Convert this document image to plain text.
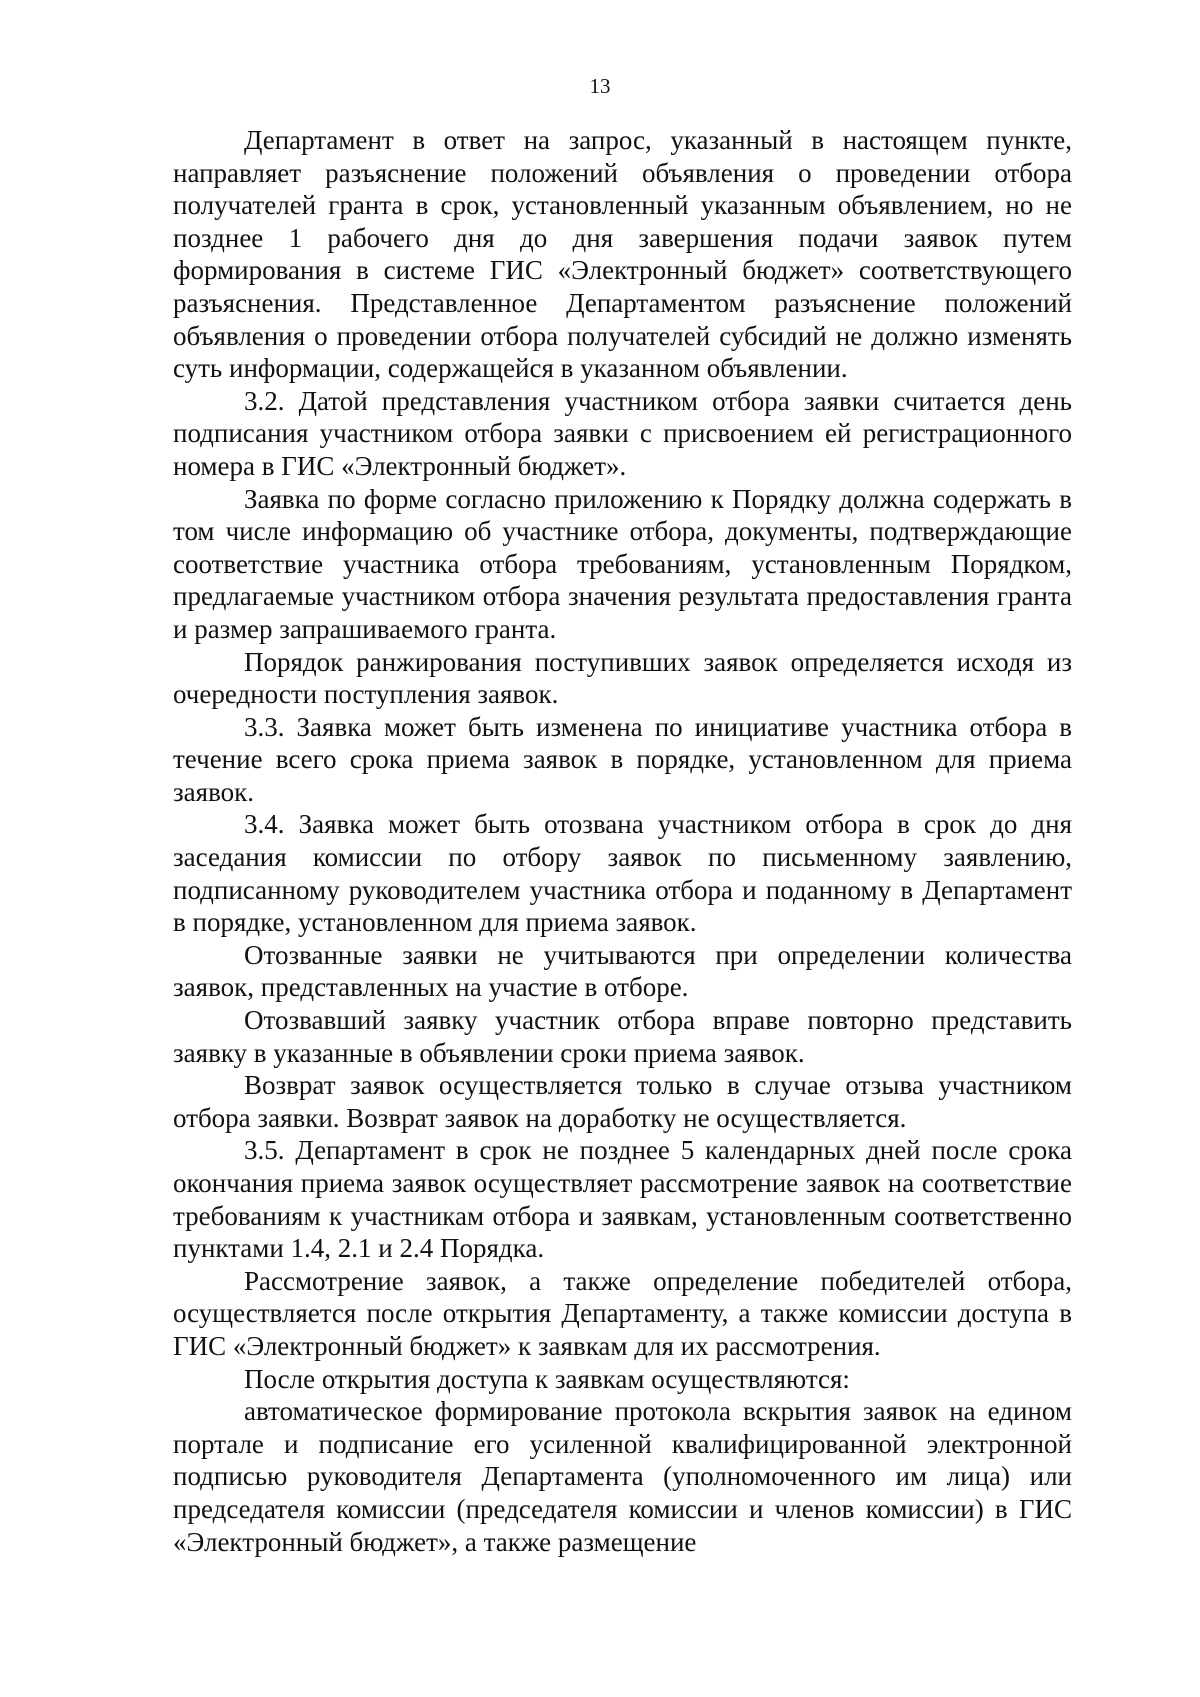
13

Департамент в ответ на запрос, указанный в настоящем пункте, направляет разъяснение положений объявления о проведении отбора получателей гранта в срок, установленный указанным объявлением, но не позднее 1 рабочего дня до дня завершения подачи заявок путем формирования в системе ГИС «Электронный бюджет» соответствующего разъяснения. Представленное Департаментом разъяснение положений объявления о проведении отбора получателей субсидий не должно изменять суть информации, содержащейся в указанном объявлении.

3.2. Датой представления участником отбора заявки считается день подписания участником отбора заявки с присвоением ей регистрационного номера в ГИС «Электронный бюджет».

Заявка по форме согласно приложению к Порядку должна содержать в том числе информацию об участнике отбора, документы, подтверждающие соответствие участника отбора требованиям, установленным Порядком, предлагаемые участником отбора значения результата предоставления гранта и размер запрашиваемого гранта.

Порядок ранжирования поступивших заявок определяется исходя из очередности поступления заявок.

3.3. Заявка может быть изменена по инициативе участника отбора в течение всего срока приема заявок в порядке, установленном для приема заявок.

3.4. Заявка может быть отозвана участником отбора в срок до дня заседания комиссии по отбору заявок по письменному заявлению, подписанному руководителем участника отбора и поданному в Департамент в порядке, установленном для приема заявок.

Отозванные заявки не учитываются при определении количества заявок, представленных на участие в отборе.

Отозвавший заявку участник отбора вправе повторно представить заявку в указанные в объявлении сроки приема заявок.

Возврат заявок осуществляется только в случае отзыва участником отбора заявки. Возврат заявок на доработку не осуществляется.

3.5. Департамент в срок не позднее 5 календарных дней после срока окончания приема заявок осуществляет рассмотрение заявок на соответствие требованиям к участникам отбора и заявкам, установленным соответственно пунктами 1.4, 2.1 и 2.4 Порядка.

Рассмотрение заявок, а также определение победителей отбора, осуществляется после открытия Департаменту, а также комиссии доступа в ГИС «Электронный бюджет» к заявкам для их рассмотрения.

После открытия доступа к заявкам осуществляются:

автоматическое формирование протокола вскрытия заявок на едином портале и подписание его усиленной квалифицированной электронной подписью руководителя Департамента (уполномоченного им лица) или председателя комиссии (председателя комиссии и членов комиссии) в ГИС «Электронный бюджет», а также размещение
